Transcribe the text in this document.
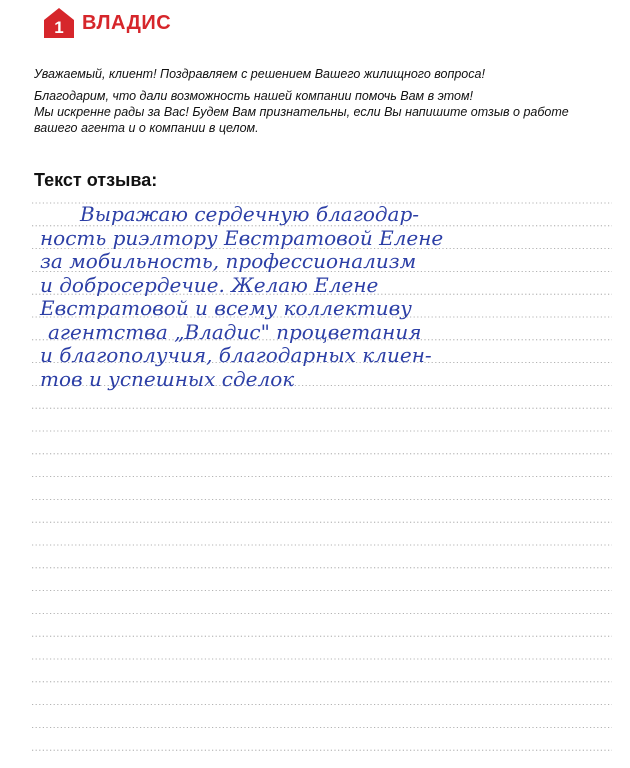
1 ВЛАДИС

Уважаемый, клиент! Поздравляем с решением Вашего жилищного вопроса!

Благодарим, что дали возможность нашей компании помочь Вам в этом!

Мы искренне рады за Вас! Будем Вам признательны, если Вы напишите отзыв о работе

вашего агента и о компании в целом.

Текст отзыва:
Выражаю сердечную благодар-
ность риэлтору Евстратовой Елене
за мобильность, профессионализм
и добросердечие. Желаю Елене
Евстратовой и всему коллективу
агентства „Владис" процветания
и благополучия, благодарных клиен-
тов и успешных сделок
